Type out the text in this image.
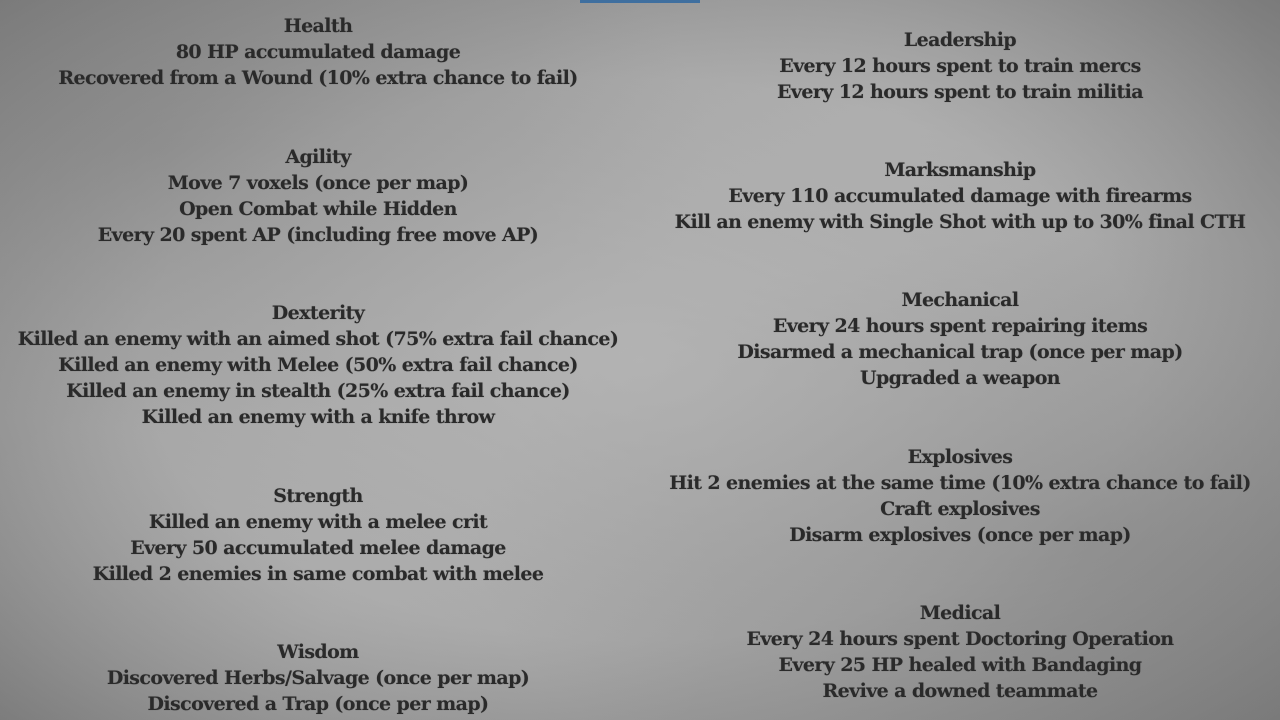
Health
80 HP accumulated damage
Recovered from a Wound (10% extra chance to fail)
Agility
Move 7 voxels (once per map)
Open Combat while Hidden
Every 20 spent AP (including free move AP)
Dexterity
Killed an enemy with an aimed shot (75% extra fail chance)
Killed an enemy with Melee (50% extra fail chance)
Killed an enemy in stealth (25% extra fail chance)
Killed an enemy with a knife throw
Strength
Killed an enemy with a melee crit
Every 50 accumulated melee damage
Killed 2 enemies in same combat with melee
Wisdom
Discovered Herbs/Salvage (once per map)
Discovered a Trap (once per map)
Leadership
Every 12 hours spent to train mercs
Every 12 hours spent to train militia
Marksmanship
Every 110 accumulated damage with firearms
Kill an enemy with Single Shot with up to 30% final CTH
Mechanical
Every 24 hours spent repairing items
Disarmed a mechanical trap (once per map)
Upgraded a weapon
Explosives
Hit 2 enemies at the same time (10% extra chance to fail)
Craft explosives
Disarm explosives (once per map)
Medical
Every 24 hours spent Doctoring Operation
Every 25 HP healed with Bandaging
Revive a downed teammate
